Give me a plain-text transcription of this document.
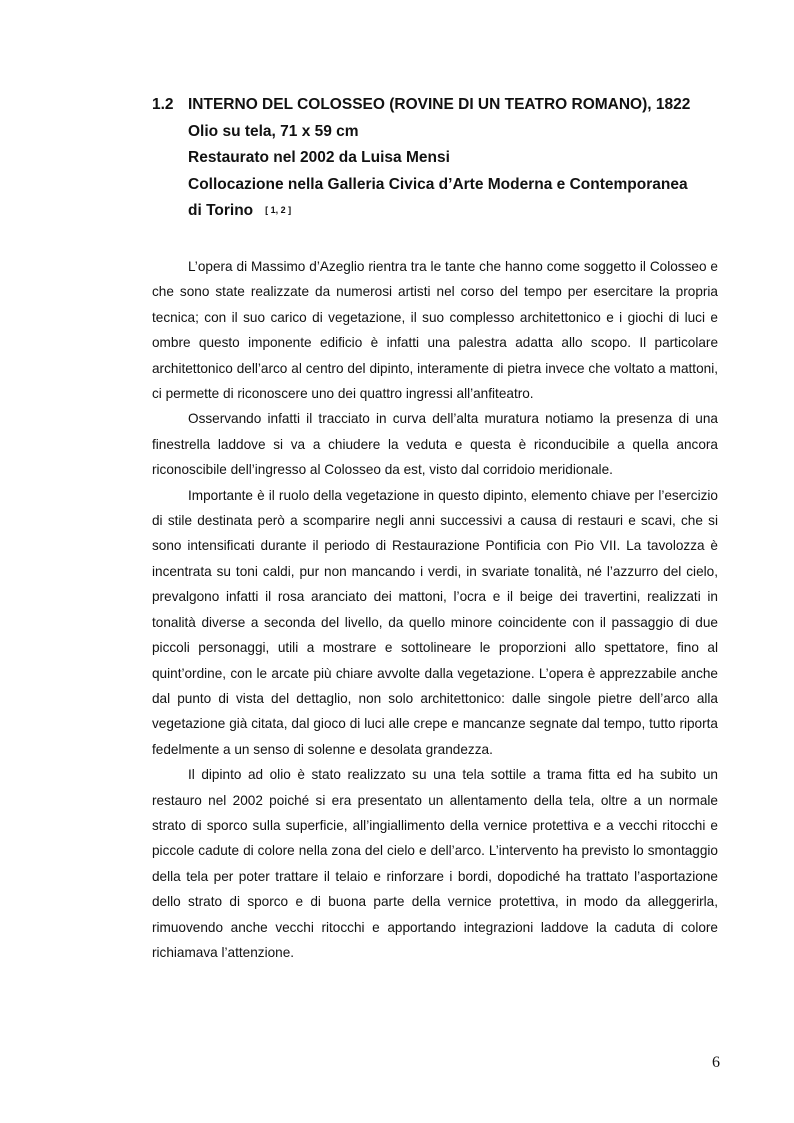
1.2 INTERNO DEL COLOSSEO (ROVINE DI UN TEATRO ROMANO), 1822
Olio su tela, 71 x 59 cm
Restaurato nel 2002 da Luisa Mensi
Collocazione nella Galleria Civica d’Arte Moderna e Contemporanea
di Torino [ 1, 2 ]

L’opera di Massimo d’Azeglio rientra tra le tante che hanno come soggetto il Colosseo e che sono state realizzate da numerosi artisti nel corso del tempo per esercitare la propria tecnica; con il suo carico di vegetazione, il suo complesso architettonico e i giochi di luci e ombre questo imponente edificio è infatti una palestra adatta allo scopo. Il particolare architettonico dell’arco al centro del dipinto, interamente di pietra invece che voltato a mattoni, ci permette di riconoscere uno dei quattro ingressi all’anfiteatro.

Osservando infatti il tracciato in curva dell’alta muratura notiamo la presenza di una finestrella laddove si va a chiudere la veduta e questa è riconducibile a quella ancora riconoscibile dell’ingresso al Colosseo da est, visto dal corridoio meridionale.

Importante è il ruolo della vegetazione in questo dipinto, elemento chiave per l’esercizio di stile destinata però a scomparire negli anni successivi a causa di restauri e scavi, che si sono intensificati durante il periodo di Restaurazione Pontificia con Pio VII. La tavolozza è incentrata su toni caldi, pur non mancando i verdi, in svariate tonalità, né l’azzurro del cielo, prevalgono infatti il rosa aranciato dei mattoni, l’ocra e il beige dei travertini, realizzati in tonalità diverse a seconda del livello, da quello minore coincidente con il passaggio di due piccoli personaggi, utili a mostrare e sottolineare le proporzioni allo spettatore, fino al quint’ordine, con le arcate più chiare avvolte dalla vegetazione. L’opera è apprezzabile anche dal punto di vista del dettaglio, non solo architettonico: dalle singole pietre dell’arco alla vegetazione già citata, dal gioco di luci alle crepe e mancanze segnate dal tempo, tutto riporta fedelmente a un senso di solenne e desolata grandezza.

Il dipinto ad olio è stato realizzato su una tela sottile a trama fitta ed ha subito un restauro nel 2002 poiché si era presentato un allentamento della tela, oltre a un normale strato di sporco sulla superficie, all’ingiallimento della vernice protettiva e a vecchi ritocchi e piccole cadute di colore nella zona del cielo e dell’arco. L’intervento ha previsto lo smontaggio della tela per poter trattare il telaio e rinforzare i bordi, dopodiché ha trattato l’asportazione dello strato di sporco e di buona parte della vernice protettiva, in modo da alleggerirla, rimuovendo anche vecchi ritocchi e apportando integrazioni laddove la caduta di colore richiamava l’attenzione.

6
